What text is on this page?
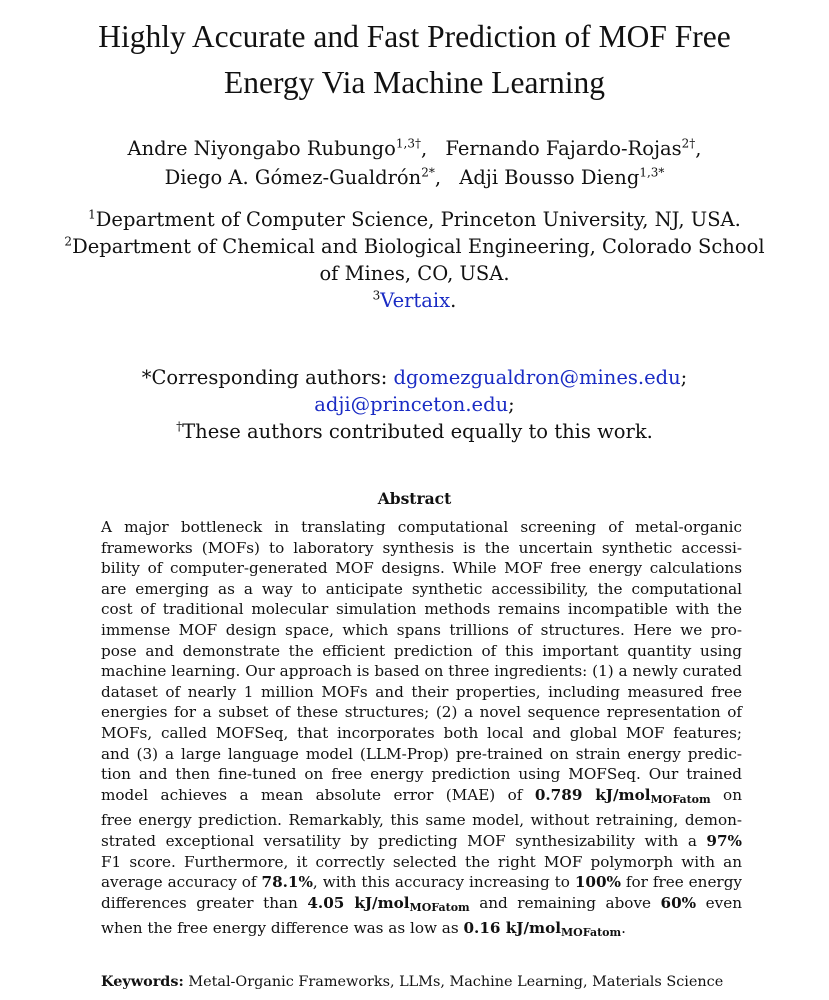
Highly Accurate and Fast Prediction of MOF Free
Energy Via Machine Learning
Andre Niyongabo Rubungo$^{1,3\dagger}$, Fernando Fajardo-Rojas$^{2\dagger}$,
Diego A. Gómez-Gualdrón$^{2*}$, Adji Bousso Dieng$^{1,3*}$
$^1$Department of Computer Science, Princeton University, NJ, USA.
$^2$Department of Chemical and Biological Engineering, Colorado School
of Mines, CO, USA.
$^3$Vertaix.
*Corresponding authors: dgomezgualdron@mines.edu;
adji@princeton.edu;
†These authors contributed equally to this work.
Abstract
A major bottleneck in translating computational screening of metal-organic
frameworks (MOFs) to laboratory synthesis is the uncertain synthetic accessi-
bility of computer-generated MOF designs. While MOF free energy calculations
are emerging as a way to anticipate synthetic accessibility, the computational
cost of traditional molecular simulation methods remains incompatible with the
immense MOF design space, which spans trillions of structures. Here we pro-
pose and demonstrate the efficient prediction of this important quantity using
machine learning. Our approach is based on three ingredients: (1) a newly curated
dataset of nearly 1 million MOFs and their properties, including measured free
energies for a subset of these structures; (2) a novel sequence representation of
MOFs, called MOFSeq, that incorporates both local and global MOF features;
and (3) a large language model (LLM-Prop) pre-trained on strain energy predic-
tion and then fine-tuned on free energy prediction using MOFSeq. Our trained
model achieves a mean absolute error (MAE) of 0.789 kJ/mol$_{MOFatom}$ on
free energy prediction. Remarkably, this same model, without retraining, demon-
strated exceptional versatility by predicting MOF synthesizability with a 97%
F1 score. Furthermore, it correctly selected the right MOF polymorph with an
average accuracy of 78.1%, with this accuracy increasing to 100% for free energy
differences greater than 4.05 kJ/mol$_{MOFatom}$ and remaining above 60% even
when the free energy difference was as low as 0.16 kJ/mol$_{MOFatom}$.
Keywords: Metal-Organic Frameworks, LLMs, Machine Learning, Materials Science
